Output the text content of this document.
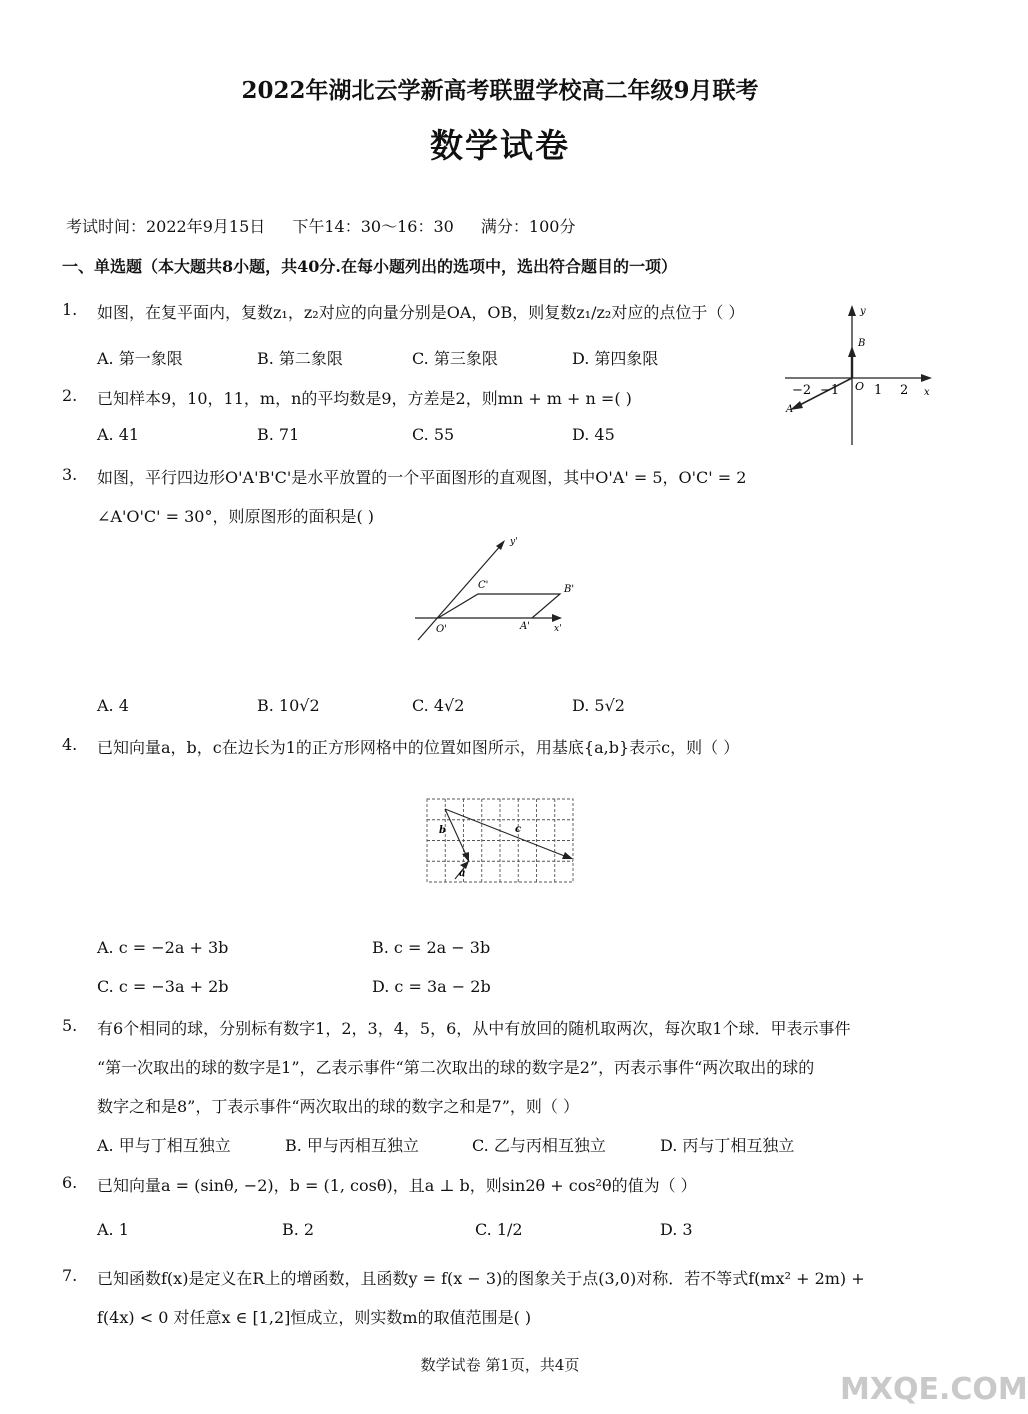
2022年湖北云学新高考联盟学校高二年级9月联考
数学试卷
考试时间：2022年9月15日 下午14：30～16：30 满分：100分
一、单选题（本大题共8小题，共40分.在每小题列出的选项中，选出符合题目的一项）
1. 如图，在复平面内，复数z₁，z₂对应的向量分别是OA，OB，则复数z₁/z₂对应的点位于（ ）
A. 第一象限	B. 第二象限	C. 第三象限	D. 第四象限
y
x
O
B
A
−2 −1	1 2
2. 已知样本9，10，11，m，n的平均数是9，方差是2，则mn + m + n =( )
A. 41	B. 71	C. 55	D. 45
3. 如图，平行四边形O'A'B'C'是水平放置的一个平面图形的直观图，其中O'A' = 5，O'C' = 2
∠A'O'C' = 30°，则原图形的面积是( )
y'
x'
O'	A'
B'
C'
A. 4	B. 10√2	C. 4√2	D. 5√2
4. 已知向量a，b，c在边长为1的正方形网格中的位置如图所示，用基底{a,b}表示c，则（ ）
b	c
a
A. c = −2a + 3b	B. c = 2a − 3b
C. c = −3a + 2b	D. c = 3a − 2b
5. 有6个相同的球，分别标有数字1，2，3，4，5，6，从中有放回的随机取两次，每次取1个球．甲表示事件
“第一次取出的球的数字是1”，乙表示事件“第二次取出的球的数字是2”，丙表示事件“两次取出的球的
数字之和是8”，丁表示事件“两次取出的球的数字之和是7”，则（ ）
A. 甲与丁相互独立	B. 甲与丙相互独立	C. 乙与丙相互独立	D. 丙与丁相互独立
6. 已知向量a = (sinθ, −2)，b = (1, cosθ)，且a ⊥ b，则sin2θ + cos²θ的值为（ ）
A. 1	B. 2	C. 1/2	D. 3
7. 已知函数f(x)是定义在R上的增函数，且函数y = f(x − 3)的图象关于点(3,0)对称．若不等式f(mx² + 2m) +
f(4x) < 0 对任意x ∈ [1,2]恒成立，则实数m的取值范围是( )
数学试卷 第1页，共4页
MXQE.COM
